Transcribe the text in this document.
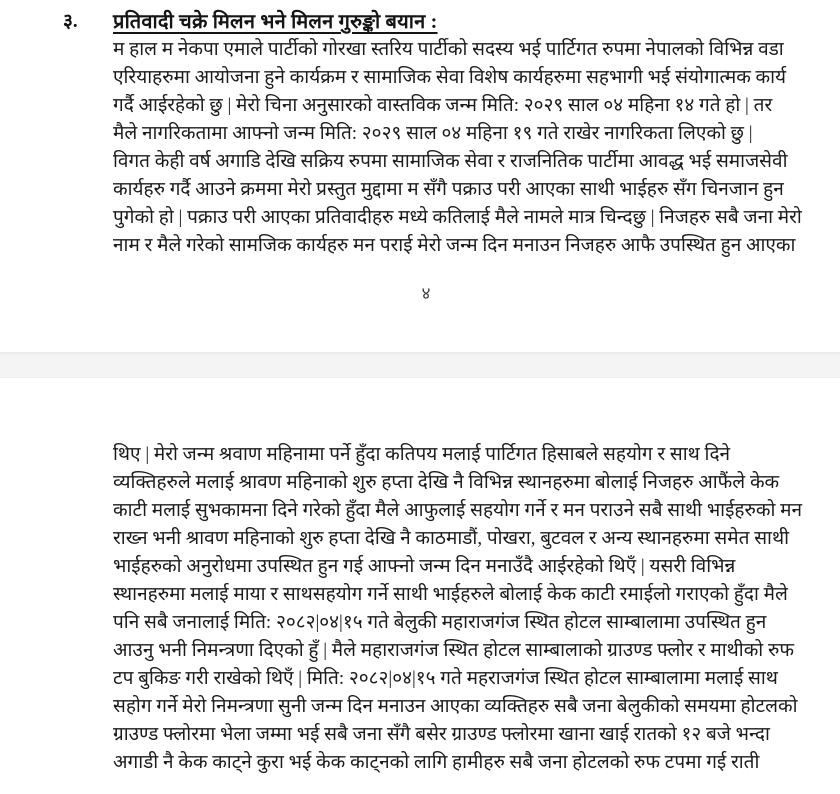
३. प्रतिवादी चक्रे मिलन भने मिलन गुरुङ्को बयान :
म हाल म नेकपा एमाले पार्टीको गोरखा स्तरिय पार्टीको सदस्य भई पार्टिगत रुपमा नेपालको विभिन्न वडा
एरियाहरुमा आयोजना हुने कार्यक्रम र सामाजिक सेवा विशेष कार्यहरुमा सहभागी भई संयोगात्मक कार्य
गर्दै आईरहेको छु | मेरो चिना अनुसारको वास्तविक जन्म मिति: २०२९ साल ०४ महिना १४ गते हो | तर
मैले नागरिकतामा आफ्नो जन्म मिति: २०२९ साल ०४ महिना १९ गते राखेर नागरिकता लिएको छु |
विगत केही वर्ष अगाडि देखि सक्रिय रुपमा सामाजिक सेवा र राजनितिक पार्टीमा आवद्ध भई समाजसेवी
कार्यहरु गर्दै आउने क्रममा मेरो प्रस्तुत मुद्दामा म सँगै पक्राउ परी आएका साथी भाईहरु सँग चिनजान हुन
पुगेको हो | पक्राउ परी आएका प्रतिवादीहरु मध्ये कतिलाई मैले नामले मात्र चिन्दछु | निजहरु सबै जना मेरो
नाम र मैले गरेको सामजिक कार्यहरु मन पराई मेरो जन्म दिन मनाउन निजहरु आफै उपस्थित हुन आएका
४
थिए | मेरो जन्म श्रवाण महिनामा पर्ने हुँदा कतिपय मलाई पार्टिगत हिसाबले सहयोग र साथ दिने
व्यक्तिहरुले मलाई श्रावण महिनाको शुरु हप्ता देखि नै विभिन्न स्थानहरुमा बोलाई निजहरु आफैंले केक
काटी मलाई सुभकामना दिने गरेको हुँदा मैले आफुलाई सहयोग गर्ने र मन पराउने सबै साथी भाईहरुको मन
राख्न भनी श्रावण महिनाको शुरु हप्ता देखि नै काठमाडौं, पोखरा, बुटवल र अन्य स्थानहरुमा समेत साथी
भाईहरुको अनुरोधमा उपस्थित हुन गई आफ्नो जन्म दिन मनाउँदै आईरहेको थिएँ | यसरी विभिन्न
स्थानहरुमा मलाई माया र साथसहयोग गर्ने साथी भाईहरुले बोलाई केक काटी रमाईलो गराएको हुँदा मैले
पनि सबै जनालाई मिति: २०८२|०४|१५ गते बेलुकी महाराजगंज स्थित होटल साम्बालामा उपस्थित हुन
आउनु भनी निमन्त्रणा दिएको हुँ | मैले महाराजगंज स्थित होटल साम्बालाको ग्राउण्ड फ्लोर र माथीको रुफ
टप बुकिङ गरी राखेको थिएँ | मिति: २०८२|०४|१५ गते महराजगंज स्थित होटल साम्बालामा मलाई साथ
सहोग गर्ने मेरो निमन्त्रणा सुनी जन्म दिन मनाउन आएका व्यक्तिहरु सबै जना बेलुकीको समयमा होटलको
ग्राउण्ड फ्लोरमा भेला जम्मा भई सबै जना सँगै बसेर ग्राउण्ड फ्लोरमा खाना खाई रातको १२ बजे भन्दा
अगाडी नै केक काट्ने कुरा भई केक काट्नको लागि हामीहरु सबै जना होटलको रुफ टपमा गई राती
